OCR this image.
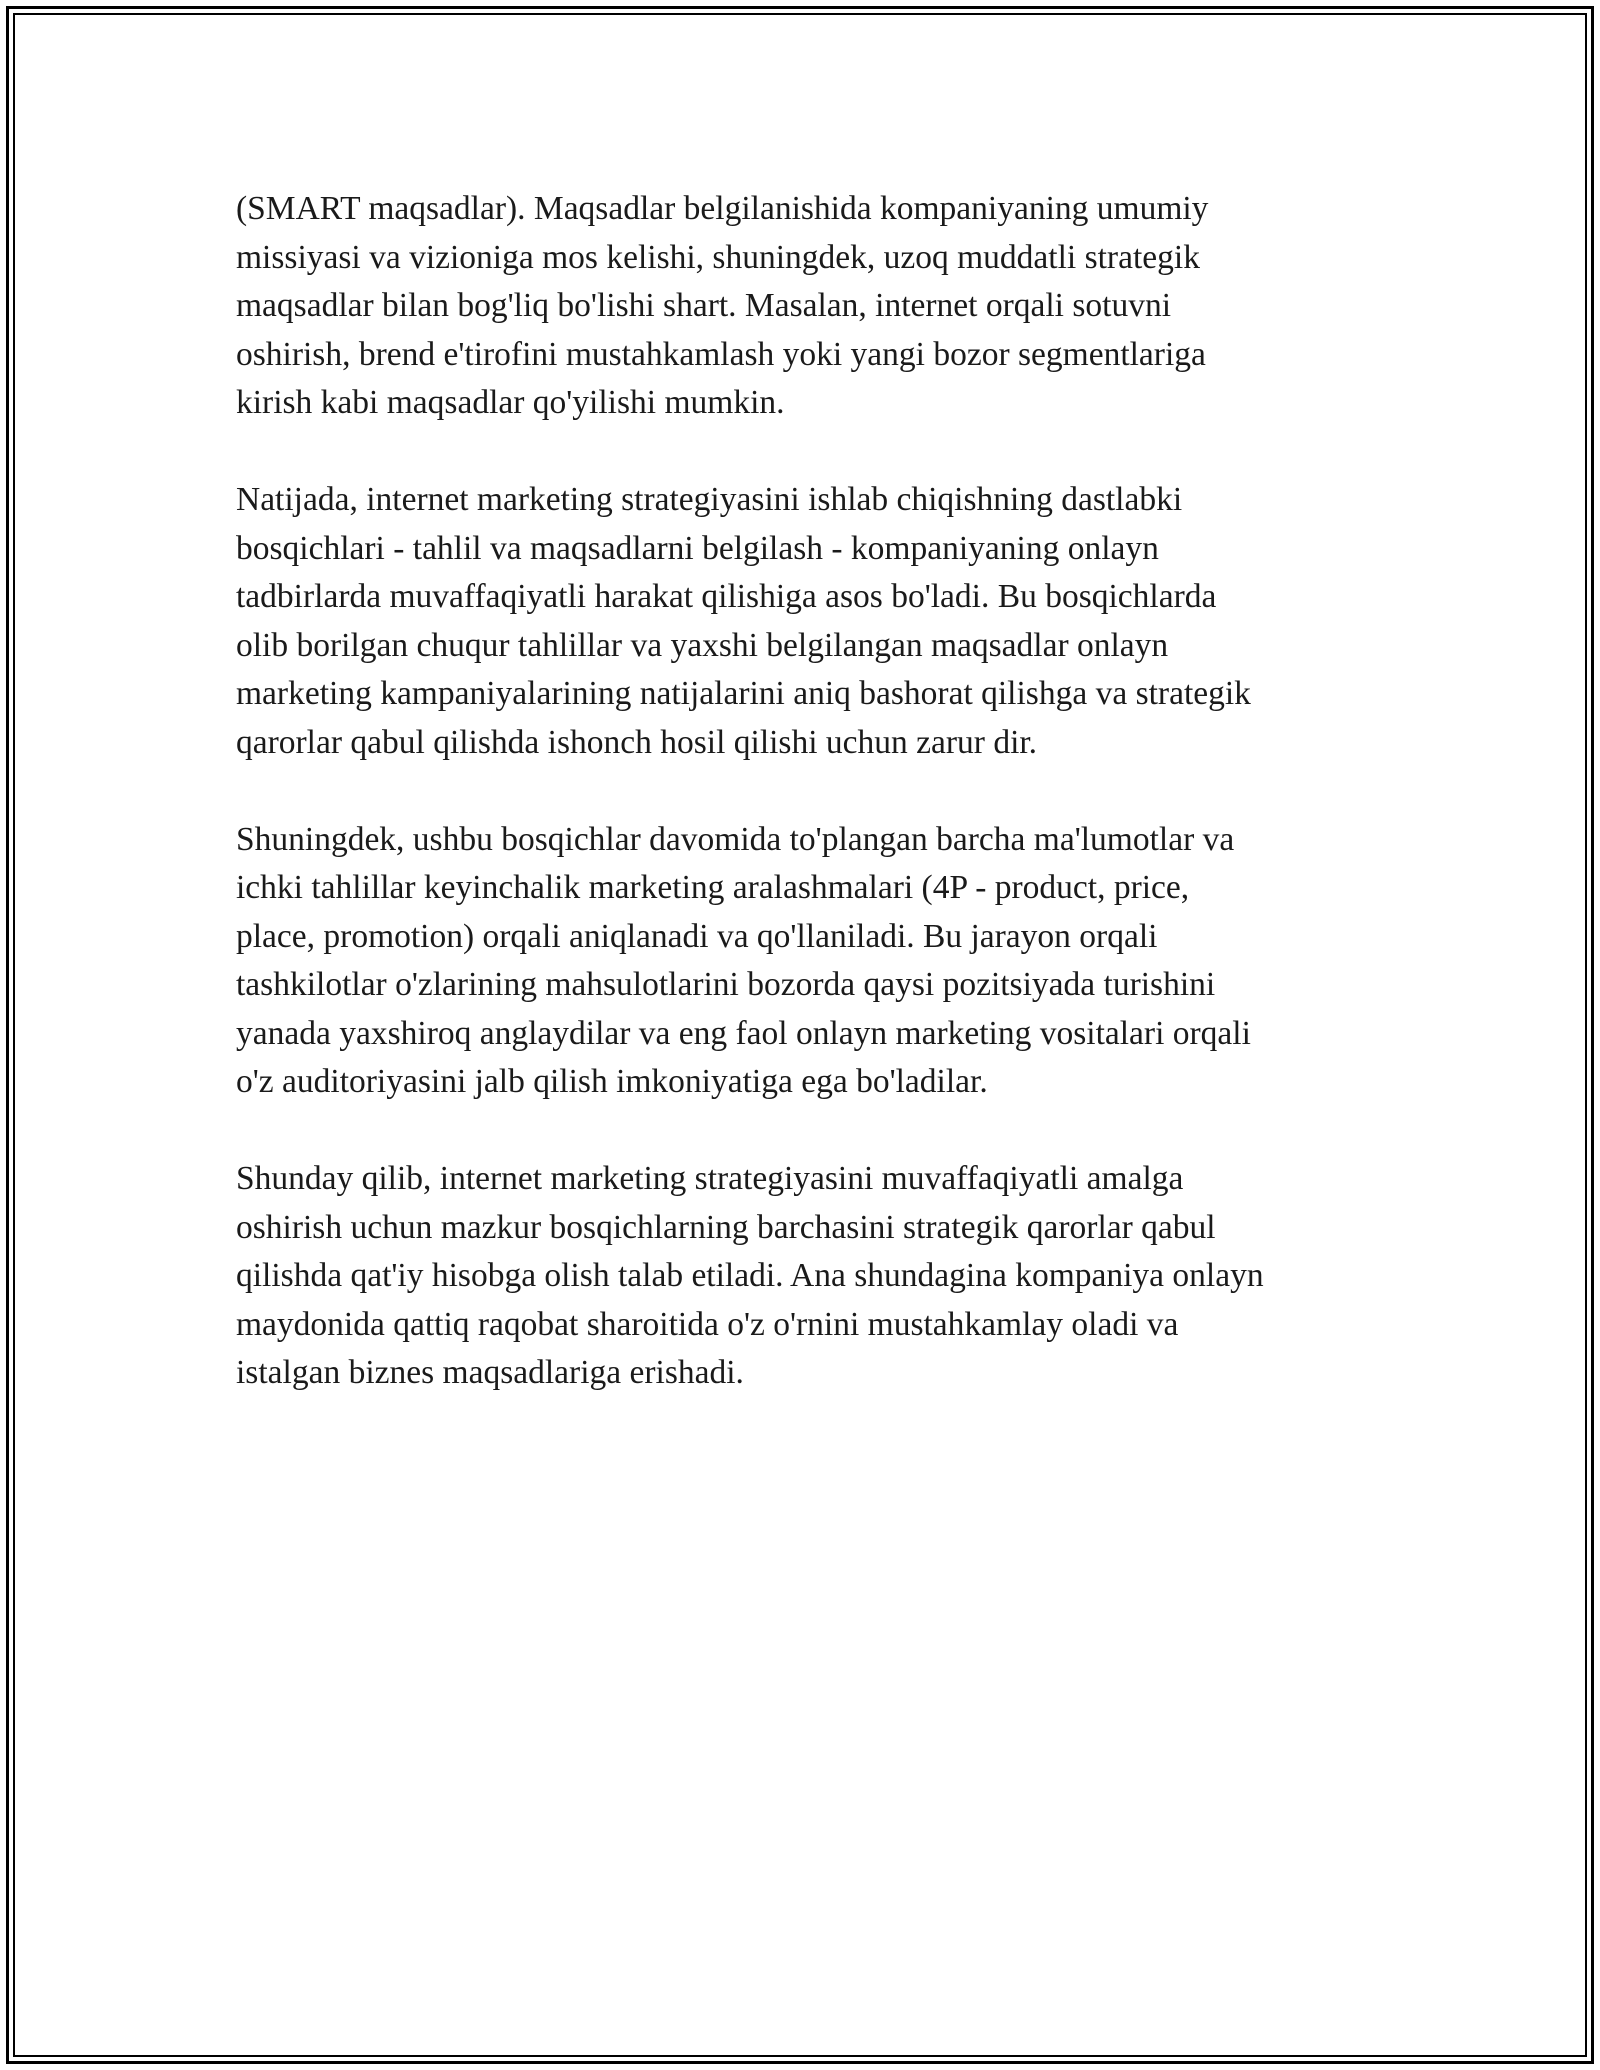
(SMART maqsadlar). Maqsadlar belgilanishida kompaniyaning umumiy
missiyasi va vizioniga mos kelishi, shuningdek, uzoq muddatli strategik
maqsadlar bilan bog'liq bo'lishi shart. Masalan, internet orqali sotuvni
oshirish, brend e'tirofini mustahkamlash yoki yangi bozor segmentlariga
kirish kabi maqsadlar qo'yilishi mumkin.

Natijada, internet marketing strategiyasini ishlab chiqishning dastlabki
bosqichlari - tahlil va maqsadlarni belgilash - kompaniyaning onlayn
tadbirlarda muvaffaqiyatli harakat qilishiga asos bo'ladi. Bu bosqichlarda
olib borilgan chuqur tahlillar va yaxshi belgilangan maqsadlar onlayn
marketing kampaniyalarining natijalarini aniq bashorat qilishga va strategik
qarorlar qabul qilishda ishonch hosil qilishi uchun zarur dir.

Shuningdek, ushbu bosqichlar davomida to'plangan barcha ma'lumotlar va
ichki tahlillar keyinchalik marketing aralashmalari (4P - product, price,
place, promotion) orqali aniqlanadi va qo'llaniladi. Bu jarayon orqali
tashkilotlar o'zlarining mahsulotlarini bozorda qaysi pozitsiyada turishini
yanada yaxshiroq anglaydilar va eng faol onlayn marketing vositalari orqali
o'z auditoriyasini jalb qilish imkoniyatiga ega bo'ladilar.

Shunday qilib, internet marketing strategiyasini muvaffaqiyatli amalga
oshirish uchun mazkur bosqichlarning barchasini strategik qarorlar qabul
qilishda qat'iy hisobga olish talab etiladi. Ana shundagina kompaniya onlayn
maydonida qattiq raqobat sharoitida o'z o'rnini mustahkamlay oladi va
istalgan biznes maqsadlariga erishadi.
